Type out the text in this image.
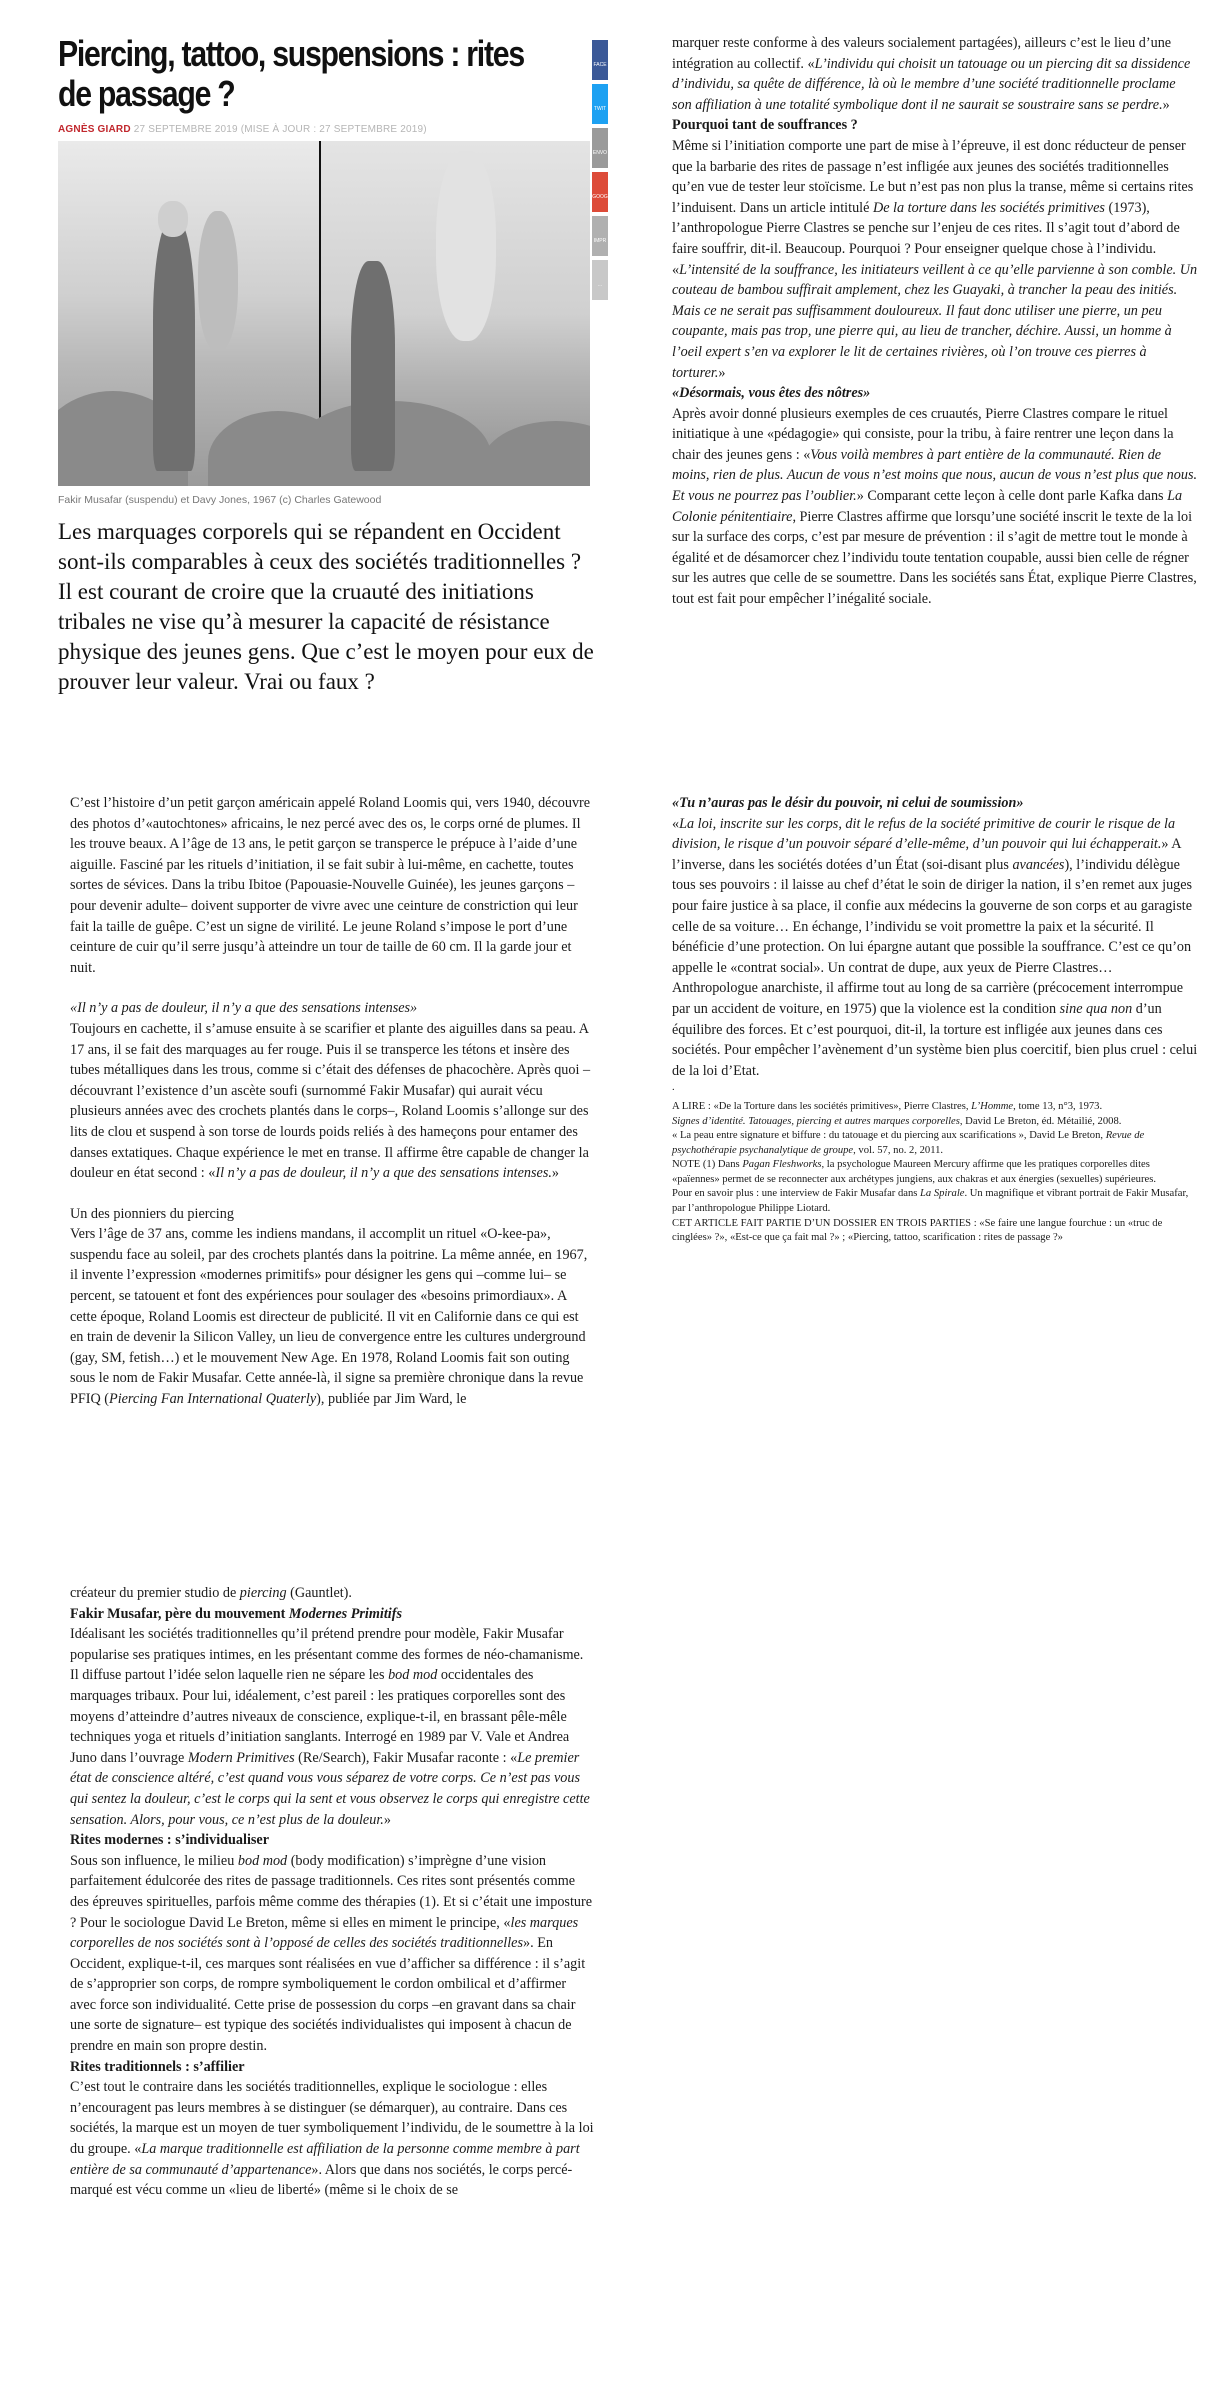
Piercing, tattoo, suspensions : rites de passage ?
AGNÈS GIARD 27 SEPTEMBRE 2019 (MISE À JOUR : 27 SEPTEMBRE 2019)
FACE
TWIT
ENVO
GOOG
IMPR
...
Fakir Musafar (suspendu) et Davy Jones, 1967 (c) Charles Gatewood
Les marquages corporels qui se répandent en Occident sont-ils comparables à ceux des sociétés traditionnelles ? Il est courant de croire que la cruauté des initiations tribales ne vise qu’à mesurer la capacité de résistance physique des jeunes gens. Que c’est le moyen pour eux de prouver leur valeur. Vrai ou faux ?

marquer reste conforme à des valeurs socialement partagées), ailleurs c’est le lieu d’une intégration au collectif. «L’individu qui choisit un tatouage ou un piercing dit sa dissidence d’individu, sa quête de différence, là où le membre d’une société traditionnelle proclame son affiliation à une totalité symbolique dont il ne saurait se soustraire sans se perdre.»

Pourquoi tant de souffrances ?

Même si l’initiation comporte une part de mise à l’épreuve, il est donc réducteur de penser que la barbarie des rites de passage n’est infligée aux jeunes des sociétés traditionnelles qu’en vue de tester leur stoïcisme. Le but n’est pas non plus la transe, même si certains rites l’induisent. Dans un article intitulé De la torture dans les sociétés primitives (1973), l’anthropologue Pierre Clastres se penche sur l’enjeu de ces rites. Il s’agit tout d’abord de faire souffrir, dit-il. Beaucoup. Pourquoi ? Pour enseigner quelque chose à l’individu. «L’intensité de la souffrance, les initiateurs veillent à ce qu’elle parvienne à son comble. Un couteau de bambou suffirait amplement, chez les Guayaki, à trancher la peau des initiés. Mais ce ne serait pas suffisamment douloureux. Il faut donc utiliser une pierre, un peu coupante, mais pas trop, une pierre qui, au lieu de trancher, déchire. Aussi, un homme à l’oeil expert s’en va explorer le lit de certaines rivières, où l’on trouve ces pierres à torturer.»

«Désormais, vous êtes des nôtres»

Après avoir donné plusieurs exemples de ces cruautés, Pierre Clastres compare le rituel initiatique à une «pédagogie» qui consiste, pour la tribu, à faire rentrer une leçon dans la chair des jeunes gens : «Vous voilà membres à part entière de la communauté. Rien de moins, rien de plus. Aucun de vous n’est moins que nous, aucun de vous n’est plus que nous. Et vous ne pourrez pas l’oublier.» Comparant cette leçon à celle dont parle Kafka dans La Colonie pénitentiaire, Pierre Clastres affirme que lorsqu’une société inscrit le texte de la loi sur la surface des corps, c’est par mesure de prévention : il s’agit de mettre tout le monde à égalité et de désamorcer chez l’individu toute tentation coupable, aussi bien celle de régner sur les autres que celle de se soumettre. Dans les sociétés sans État, explique Pierre Clastres, tout est fait pour empêcher l’inégalité sociale.

C’est l’histoire d’un petit garçon américain appelé Roland Loomis qui, vers 1940, découvre des photos d’«autochtones» africains, le nez percé avec des os, le corps orné de plumes. Il les trouve beaux. A l’âge de 13 ans, le petit garçon se transperce le prépuce à l’aide d’une aiguille. Fasciné par les rituels d’initiation, il se fait subir à lui-même, en cachette, toutes sortes de sévices. Dans la tribu Ibitoe (Papouasie-Nouvelle Guinée), les jeunes garçons –pour devenir adulte– doivent supporter de vivre avec une ceinture de constriction qui leur fait la taille de guêpe. C’est un signe de virilité. Le jeune Roland s’impose le port d’une ceinture de cuir qu’il serre jusqu’à atteindre un tour de taille de 60 cm. Il la garde jour et nuit.

«Il n’y a pas de douleur, il n’y a que des sensations intenses»

Toujours en cachette, il s’amuse ensuite à se scarifier et plante des aiguilles dans sa peau. A 17 ans, il se fait des marquages au fer rouge. Puis il se transperce les tétons et insère des tubes métalliques dans les trous, comme si c’était des défenses de phacochère. Après quoi –découvrant l’existence d’un ascète soufi (surnommé Fakir Musafar) qui aurait vécu plusieurs années avec des crochets plantés dans le corps–, Roland Loomis s’allonge sur des lits de clou et suspend à son torse de lourds poids reliés à des hameçons pour entamer des danses extatiques. Chaque expérience le met en transe. Il affirme être capable de changer la douleur en état second : «Il n’y a pas de douleur, il n’y a que des sensations intenses.»

Un des pionniers du piercing

Vers l’âge de 37 ans, comme les indiens mandans, il accomplit un rituel «O-kee-pa», suspendu face au soleil, par des crochets plantés dans la poitrine. La même année, en 1967, il invente l’expression «modernes primitifs» pour désigner les gens qui –comme lui– se percent, se tatouent et font des expériences pour soulager des «besoins primordiaux». A cette époque, Roland Loomis est directeur de publicité. Il vit en Californie dans ce qui est en train de devenir la Silicon Valley, un lieu de convergence entre les cultures underground (gay, SM, fetish…) et le mouvement New Age. En 1978, Roland Loomis fait son outing sous le nom de Fakir Musafar. Cette année-là, il signe sa première chronique dans la revue PFIQ (Piercing Fan International Quaterly), publiée par Jim Ward, le

«Tu n’auras pas le désir du pouvoir, ni celui de soumission»

«La loi, inscrite sur les corps, dit le refus de la société primitive de courir le risque de la division, le risque d’un pouvoir séparé d’elle-même, d’un pouvoir qui lui échapperait.» A l’inverse, dans les sociétés dotées d’un État (soi-disant plus avancées), l’individu délègue tous ses pouvoirs : il laisse au chef d’état le soin de diriger la nation, il s’en remet aux juges pour faire justice à sa place, il confie aux médecins la gouverne de son corps et au garagiste celle de sa voiture… En échange, l’individu se voit promettre la paix et la sécurité. Il bénéficie d’une protection. On lui épargne autant que possible la souffrance. C’est ce qu’on appelle le «contrat social». Un contrat de dupe, aux yeux de Pierre Clastres… Anthropologue anarchiste, il affirme tout au long de sa carrière (précocement interrompue par un accident de voiture, en 1975) que la violence est la condition sine qua non d’un équilibre des forces. Et c’est pourquoi, dit-il, la torture est infligée aux jeunes dans ces sociétés. Pour empêcher l’avènement d’un système bien plus coercitif, bien plus cruel : celui de la loi d’Etat.

.

A LIRE : «De la Torture dans les sociétés primitives», Pierre Clastres, L’Homme, tome 13, n°3, 1973.

Signes d’identité. Tatouages, piercing et autres marques corporelles, David Le Breton, éd. Métailié, 2008.

« La peau entre signature et biffure : du tatouage et du piercing aux scarifications », David Le Breton, Revue de psychothérapie psychanalytique de groupe, vol. 57, no. 2, 2011.

NOTE (1) Dans Pagan Fleshworks, la psychologue Maureen Mercury affirme que les pratiques corporelles dites «païennes» permet de se reconnecter aux archétypes jungiens, aux chakras et aux énergies (sexuelles) supérieures.

Pour en savoir plus : une interview de Fakir Musafar dans La Spirale. Un magnifique et vibrant portrait de Fakir Musafar, par l’anthropologue Philippe Liotard.

CET ARTICLE FAIT PARTIE D’UN DOSSIER EN TROIS PARTIES : «Se faire une langue fourchue : un «truc de cinglées» ?», «Est-ce que ça fait mal ?» ; «Piercing, tattoo, scarification : rites de passage ?»

créateur du premier studio de piercing (Gauntlet).

Fakir Musafar, père du mouvement Modernes Primitifs

Idéalisant les sociétés traditionnelles qu’il prétend prendre pour modèle, Fakir Musafar popularise ses pratiques intimes, en les présentant comme des formes de néo-chamanisme. Il diffuse partout l’idée selon laquelle rien ne sépare les bod mod occidentales des marquages tribaux. Pour lui, idéalement, c’est pareil : les pratiques corporelles sont des moyens d’atteindre d’autres niveaux de conscience, explique-t-il, en brassant pêle-mêle techniques yoga et rituels d’initiation sanglants. Interrogé en 1989 par V. Vale et Andrea Juno dans l’ouvrage Modern Primitives (Re/Search), Fakir Musafar raconte : «Le premier état de conscience altéré, c’est quand vous vous séparez de votre corps. Ce n’est pas vous qui sentez la douleur, c’est le corps qui la sent et vous observez le corps qui enregistre cette sensation. Alors, pour vous, ce n’est plus de la douleur.»

Rites modernes : s’individualiser

Sous son influence, le milieu bod mod (body modification) s’imprègne d’une vision parfaitement édulcorée des rites de passage traditionnels. Ces rites sont présentés comme des épreuves spirituelles, parfois même comme des thérapies (1). Et si c’était une imposture ? Pour le sociologue David Le Breton, même si elles en miment le principe, «les marques corporelles de nos sociétés sont à l’opposé de celles des sociétés traditionnelles». En Occident, explique-t-il, ces marques sont réalisées en vue d’afficher sa différence : il s’agit de s’approprier son corps, de rompre symboliquement le cordon ombilical et d’affirmer avec force son individualité. Cette prise de possession du corps –en gravant dans sa chair une sorte de signature– est typique des sociétés individualistes qui imposent à chacun de prendre en main son propre destin.

Rites traditionnels : s’affilier

C’est tout le contraire dans les sociétés traditionnelles, explique le sociologue : elles n’encouragent pas leurs membres à se distinguer (se démarquer), au contraire. Dans ces sociétés, la marque est un moyen de tuer symboliquement l’individu, de le soumettre à la loi du groupe. «La marque traditionnelle est affiliation de la personne comme membre à part entière de sa communauté d’appartenance». Alors que dans nos sociétés, le corps percé-marqué est vécu comme un «lieu de liberté» (même si le choix de se
